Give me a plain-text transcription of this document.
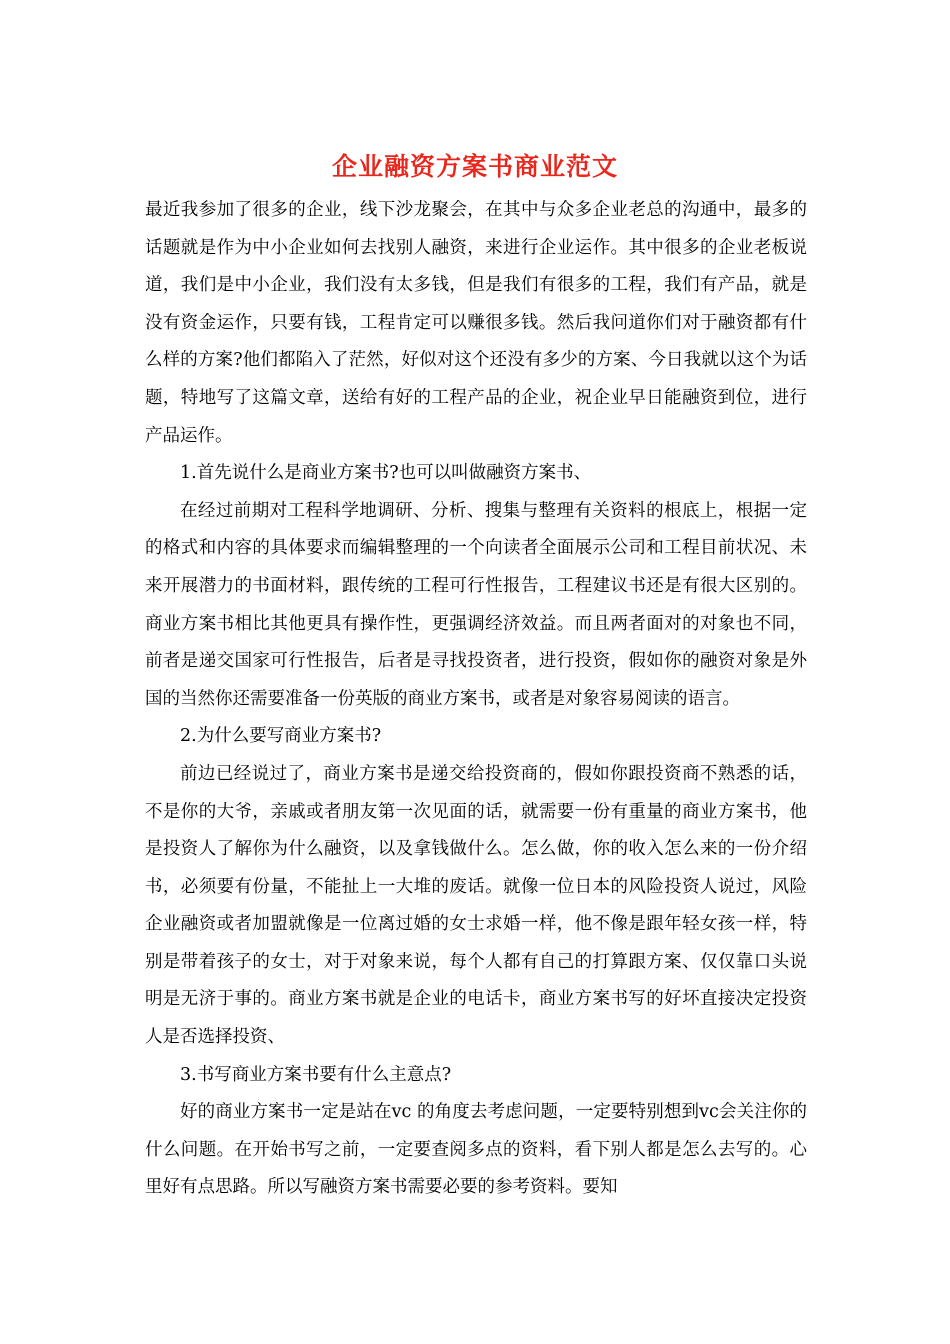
企业融资方案书商业范文

最近我参加了很多的企业，线下沙龙聚会，在其中与众多企业老总的沟通中，最多的话题就是作为中小企业如何去找别人融资，来进行企业运作。其中很多的企业老板说道，我们是中小企业，我们没有太多钱，但是我们有很多的工程，我们有产品，就是没有资金运作，只要有钱，工程肯定可以赚很多钱。然后我问道你们对于融资都有什么样的方案?他们都陷入了茫然，好似对这个还没有多少的方案、今日我就以这个为话题，特地写了这篇文章，送给有好的工程产品的企业，祝企业早日能融资到位，进行产品运作。

1.首先说什么是商业方案书?也可以叫做融资方案书、

在经过前期对工程科学地调研、分析、搜集与整理有关资料的根底上，根据一定的格式和内容的具体要求而编辑整理的一个向读者全面展示公司和工程目前状况、未来开展潜力的书面材料，跟传统的工程可行性报告，工程建议书还是有很大区别的。商业方案书相比其他更具有操作性，更强调经济效益。而且两者面对的对象也不同，前者是递交国家可行性报告，后者是寻找投资者，进行投资，假如你的融资对象是外国的当然你还需要准备一份英版的商业方案书，或者是对象容易阅读的语言。

2.为什么要写商业方案书?

前边已经说过了，商业方案书是递交给投资商的，假如你跟投资商不熟悉的话，不是你的大爷，亲戚或者朋友第一次见面的话，就需要一份有重量的商业方案书，他是投资人了解你为什么融资，以及拿钱做什么。怎么做，你的收入怎么来的一份介绍书，必须要有份量，不能扯上一大堆的废话。就像一位日本的风险投资人说过，风险企业融资或者加盟就像是一位离过婚的女士求婚一样，他不像是跟年轻女孩一样，特别是带着孩子的女士，对于对象来说，每个人都有自己的打算跟方案、仅仅靠口头说明是无济于事的。商业方案书就是企业的电话卡，商业方案书写的好坏直接决定投资人是否选择投资、

3.书写商业方案书要有什么主意点?

好的商业方案书一定是站在vc 的角度去考虑问题，一定要特别想到vc会关注你的什么问题。在开始书写之前，一定要查阅多点的资料，看下别人都是怎么去写的。心里好有点思路。所以写融资方案书需要必要的参考资料。要知
